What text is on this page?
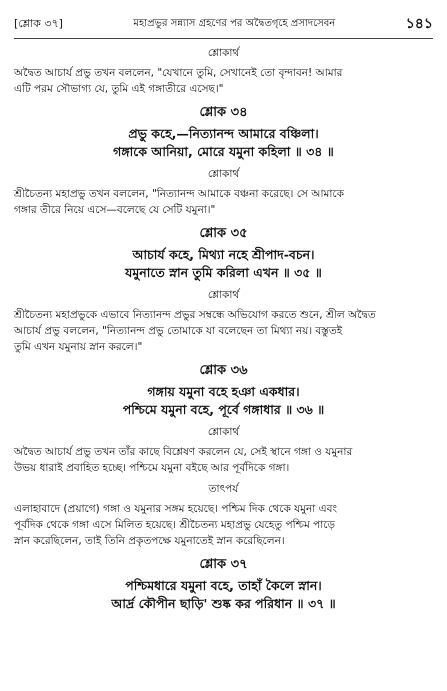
[শ্লোক ৩৭]	মহাপ্রভুর সন্ন্যাস গ্রহণের পর অদ্বৈতগৃহে প্রসাদসেবন	১৪১
শ্লোকার্থ
অদ্বৈত আচার্য প্রভু তখন বললেন, "যেখানে তুমি, সেখানেই তো বৃন্দাবন! আমার
এটি পরম সৌভাগ্য যে, তুমি এই গঙ্গাতীরে এসেছ।"
শ্লোক ৩৪
প্রভু কহে,—নিত্যানন্দ আমারে বঞ্চিলা।
গঙ্গাকে আনিয়া, মোরে যমুনা কহিলা ॥ ৩৪ ॥
শ্লোকার্থ
শ্রীচৈতন্য মহাপ্রভু তখন বললেন, "নিত্যানন্দ আমাকে বঞ্চনা করেছে। সে আমাকে
গঙ্গার তীরে নিয়ে এসে—বলেছে যে সেটি যমুনা।"
শ্লোক ৩৫
আচার্য কহে, মিথ্যা নহে শ্রীপাদ-বচন।
যমুনাতে স্নান তুমি করিলা এখন ॥ ৩৫ ॥
শ্লোকার্থ
শ্রীচৈতন্য মহাপ্রভুকে এভাবে নিত্যানন্দ প্রভুর সম্বন্ধে অভিযোগ করতে শুনে, শ্রীল অদ্বৈত
আচার্য প্রভু বললেন, "নিত্যানন্দ প্রভু তোমাকে যা বলেছেন তা মিথ্যা নয়। বস্তুতই
তুমি এখন যমুনায় স্নান করলে।"
শ্লোক ৩৬
গঙ্গায় যমুনা বহে হঞা একধার।
পশ্চিমে যমুনা বহে, পূর্বে গঙ্গাধার ॥ ৩৬ ॥
শ্লোকার্থ
অদ্বৈত আচার্য প্রভু তখন তাঁর কাছে বিশ্লেষণ করলেন যে, সেই স্থানে গঙ্গা ও যমুনার
উভয় ধারাই প্রবাহিত হচ্ছে। পশ্চিমে যমুনা বইছে আর পূর্বদিকে গঙ্গা।
তাৎপর্য
এলাহাবাদে (প্রয়াগে) গঙ্গা ও যমুনার সঙ্গম হয়েছে। পশ্চিম দিক থেকে যমুনা এবং
পূর্বদিক থেকে গঙ্গা এসে মিলিত হয়েছে। শ্রীচৈতন্য মহাপ্রভু যেহেতু পশ্চিম পাড়ে
স্নান করেছিলেন, তাই তিনি প্রকৃতপক্ষে যমুনাতেই স্নান করেছিলেন।
শ্লোক ৩৭
পশ্চিমধারে যমুনা বহে, তাহাঁ কৈলে স্নান।
আর্দ্র কৌপীন ছাড়ি' শুষ্ক কর পরিধান ॥ ৩৭ ॥
